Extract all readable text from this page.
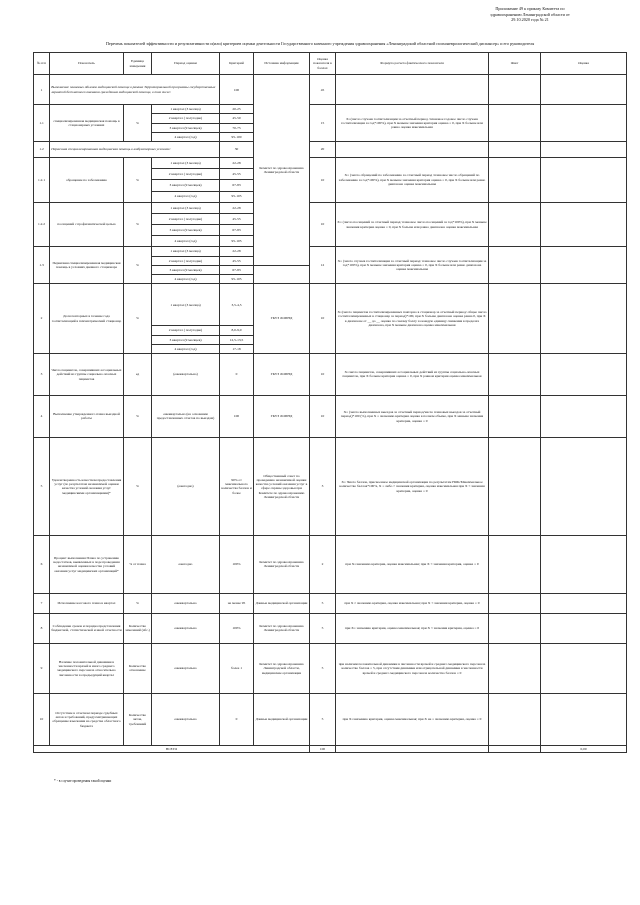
Приложение 49 к приказу Комитета по
здравоохранению Ленинградской области от
29.10.2020 года № 21
Перечень показателей эффективности и результативности и(или) критериев оценки деятельности Государственного казенного учреждения здравоохранения «Ленинградский областной психоневрологический диспансер» и его руководителя
№ п/п	Показатель	Единица измерения	Период оценки	Критерий	Источник информации	Оценка показателя в баллах	Формула расчета фактического показателя	Факт	Оценка
1	Выполнение плановых объемов медицинской помощи в рамках Территориальной программы государственных гарантий бесплатного оказания гражданам медицинской помощи, в том числе:			100	Комитет по здравоохранению Ленинградской области	45			
1.1	специализированная медицинская помощь в стационарных условиях	%	1 квартал (3 месяца)	20-25		15	Х=(число случаев госпитализации за отчетный период /плановое годовое число случаев госпитализации за год*100%), при Х меньше значения критерия оценка = 0, при Х больше или равно оценка максимальная		
			2 квартал ( полугодие)	45-50					
			3 квартал (9 месяцев)	70-75					
			4 квартал (год)	95-100					
1.2	Первичная специализированная медицинская помощь в амбулаторных условиях:			30		20			
1.2.1	обращение по заболеванию	%	1 квартал (3 месяца)	22-28		10	Х= (число обращений по заболеванию за отчетный период /плановое число обращений по заболеванию за год*100%), при Х меньше значения критерия оценка = 0, при Х больше или равно диапазона оценка максимальная		
			2 квартал ( полугодие)	45-55					
			3 квартал (9 месяцев)	67-83					
			4 квартал (год)	95-105					
1.2.2	посещений с профилактической целью	%	1 квартал (3 месяца)	22-28		10	Х= (число посещений за отчетный период/ плановое число посещений за год*100%), при Х меньше значения критерия оценка = 0, при Х больше или равно диапазона оценка максимальная		
			2 квартал ( полугодие)	45-55					
			3 квартал (9 месяцев)	67-83					
			4 квартал (год)	95-105					
1.3	Первичная специализированная медицинская помощь в условиях дневного стационара	%	1 квартал (3 месяца)	22-28		12	Х= (число случаев госпитализации за отчетный период/ плановое число случаев госпитализации за год*100%), при Х меньше значения критерия оценка = 0, при Х больше или равно диапазона оценка максимальная		
			2 квартал ( полугодие)	45-55					
			3 квартал (9 месяцев)	67-83					
			4 квартал (год)	95-105					
2	Доля повторных в течение года госпитализаций в психиатрический стационар	%	1 квартал (3 месяца)	3,5-4,5	ГКУЗ ЛОПНД	10	Х=(число пациентов госпитализированных повторно в стационар за отчетный период/ общее число госпитализированных в стационар за период)*100, при Х больше диапазона оценка равна 0, при Х в диапазоне от __ до __ оценка по самому баллу за каждую единицу снижения в пределах диапазона, при Х меньше диапазона оценка максимальная		
			2 квартал ( полугодие)	8,0-9,0					
			3 квартал (9 месяцев)	12,5-13,5					
			4 квартал (год)	17-18					
3	Число пациентов, совершивших ассоциальных действий из группы социально опасных пациентов	ед	(ежеквартально)	0	ГКУЗ ЛОПНД	10	Х=число пациентов, совершивших ассоциальных действий из группы социально-опасных пациентов, при Х больше критерия оценка = 0, при Х равном критерия оценка максимальная		
4	Выполнение утвержденного плана выездной работы	%	ежеквартально (на основании предоставленных отчетов по выездам)	100	ГКУЗ ЛОПНД	10	Х= (число выполненных выездов за отчетный период/число плановых выездов за отчетный период)*100 (%), при Х = значению критерия оценка в полном объеме, при Х меньше значения критерия, оценка = 0		
5	Удовлетворенность качеством предоставления услуг (по результатам независимой оценки качества условий оказания услуг медицинскими организациями)*	%	(ежегодно)	90% от максимального количества баллов и более	Общественный совет по проведению независимой оценки качества условий оказания услуг в сфере охраны здоровья при Комитете по здравоохранению Ленинградской области	3	Х= Число баллов, присвоенное медицинской организации по результатам НОК/Максимальное количество баллов*100%, Х = либо > значения критерия, оценка максимальная при Х < значения критерия, оценка = 0		
6	Процент выполнения Плана по устранению недостатков, выявленных в ходе проведения независимой оценки качества условий оказания услуг медицинских организаций*	% от плана	ежегодно	100%	Комитет по здравоохранению Ленинградской области	2	при Х=значению критерия, оценка максимальная; при Х < значения критерия, оценка = 0		
7	Исполнение кассового плана в квартал	%	ежеквартально	не менее 95	Данные медицинской организации	5	при Х ≥ значению критерия, оценка максимальная; при Х < значения критерия, оценка = 0		
8	Соблюдение сроков и порядка представления бюджетной, статистической и иной отчетности	Количество замечаний (абс.)	ежеквартально	100%	Комитет по здравоохранению Ленинградской области	5	при Х= значению критерия, оценка максимальная; при Х < значения критерия, оценка = 0		
9	Наличие положительной динамики в численности врачей и иного среднего медицинского персонала относительно численности за предыдущий квартал	Количество отношение	ежеквартально	более 1	Комитет по здравоохранению Ленинградской области, медицинские организации	5	при наличии положительной динамики в численности врачей и среднего медицинского персонала количество баллов = 5, при отсутствии динамики или отрицательной динамики в численности врачей и среднего медицинского персонала количество баллов = 0		
10	Отсутствие в отчетном периоде судебных актов и требований, предусматривающих обращение взыскания на средства областного бюджета	Количество актов, требований	ежеквартально	0	Данные медицинской организации	5	при Х=значению критерия, оценка максимальная; при Х не = значению критерия, оценка = 0		
ВСЕГО						100			0,00
* - в случае проведения такой оценки
